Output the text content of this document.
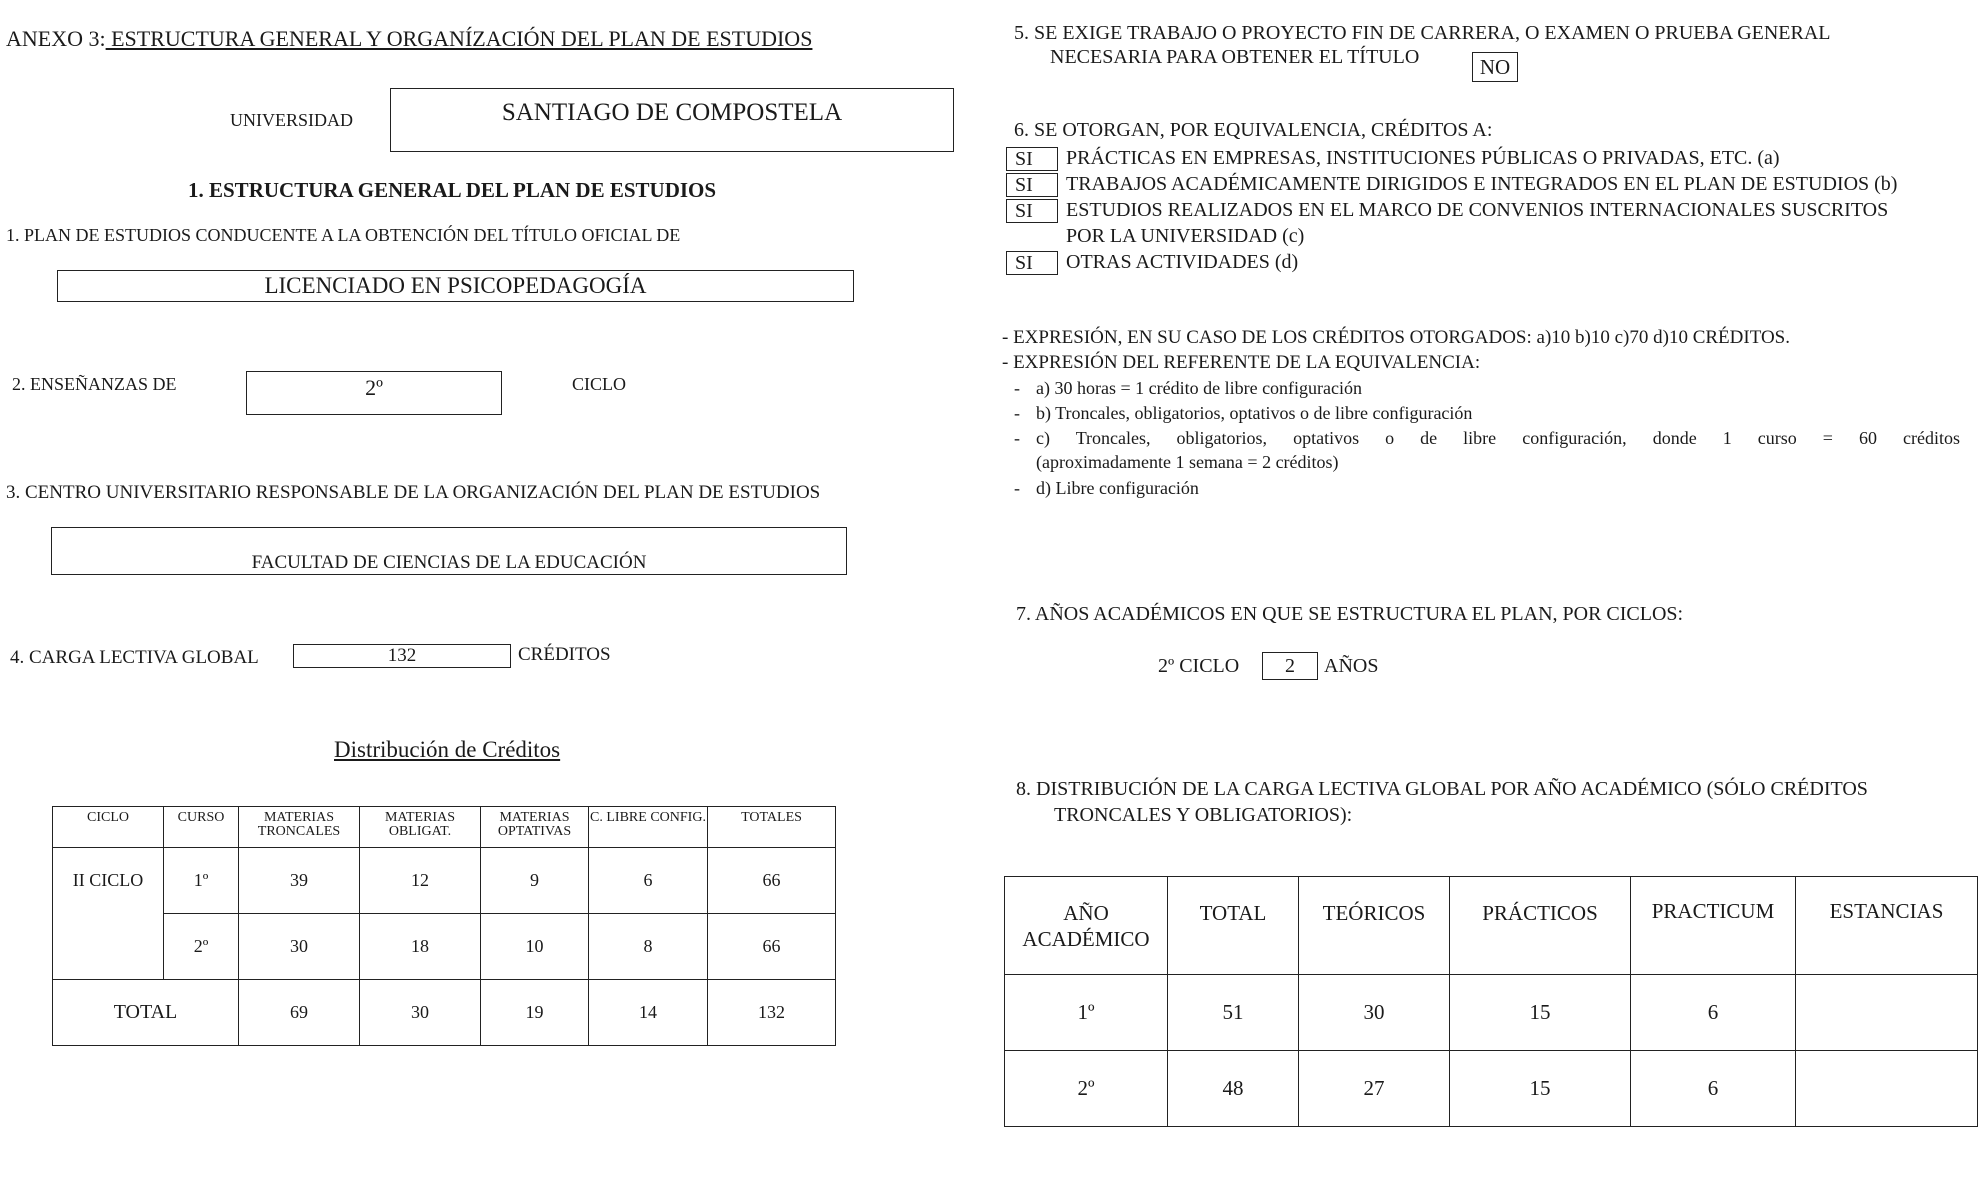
ANEXO 3: ESTRUCTURA GENERAL Y ORGANÍZACIÓN DEL PLAN DE ESTUDIOS
UNIVERSIDAD	SANTIAGO DE COMPOSTELA
1. ESTRUCTURA GENERAL DEL PLAN DE ESTUDIOS
1. PLAN DE ESTUDIOS CONDUCENTE A LA OBTENCIÓN DEL TÍTULO OFICIAL DE
LICENCIADO EN PSICOPEDAGOGÍA
2. ENSEÑANZAS DE	2º	CICLO
3. CENTRO UNIVERSITARIO RESPONSABLE DE LA ORGANIZACIÓN DEL PLAN DE ESTUDIOS
FACULTAD DE CIENCIAS DE LA EDUCACIÓN
4. CARGA LECTIVA GLOBAL	132	CRÉDITOS
Distribución de Créditos
CICLO	CURSO	MATERIAS TRONCALES	MATERIAS OBLIGAT.	MATERIAS OPTATIVAS	C. LIBRE CONFIG.	TOTALES
II CICLO	1º	39	12	9	6	66
	2º	30	18	10	8	66
TOTAL		69	30	19	14	132
5. SE EXIGE TRABAJO O PROYECTO FIN DE CARRERA, O EXAMEN O PRUEBA GENERAL
NECESARIA PARA OBTENER EL TÍTULO	NO
6. SE OTORGAN, POR EQUIVALENCIA, CRÉDITOS A:
SI	PRÁCTICAS EN EMPRESAS, INSTITUCIONES PÚBLICAS O PRIVADAS, ETC. (a)
SI	TRABAJOS ACADÉMICAMENTE DIRIGIDOS E INTEGRADOS EN EL PLAN DE ESTUDIOS (b)
SI	ESTUDIOS REALIZADOS EN EL MARCO DE CONVENIOS INTERNACIONALES SUSCRITOS
POR LA UNIVERSIDAD (c)
SI	OTRAS ACTIVIDADES (d)
- EXPRESIÓN, EN SU CASO DE LOS CRÉDITOS OTORGADOS: a)10 b)10 c)70 d)10 CRÉDITOS.
- EXPRESIÓN DEL REFERENTE DE LA EQUIVALENCIA:
- a) 30 horas = 1 crédito de libre configuración
- b) Troncales, obligatorios, optativos o de libre configuración
- c) Troncales, obligatorios, optativos o de libre configuración, donde 1 curso = 60 créditos
(aproximadamente 1 semana = 2 créditos)
- d) Libre configuración
7. AÑOS ACADÉMICOS EN QUE SE ESTRUCTURA EL PLAN, POR CICLOS:
2º CICLO	2	AÑOS
8. DISTRIBUCIÓN DE LA CARGA LECTIVA GLOBAL POR AÑO ACADÉMICO (SÓLO CRÉDITOS
TRONCALES Y OBLIGATORIOS):
AÑO ACADÉMICO	TOTAL	TEÓRICOS	PRÁCTICOS	PRACTICUM	ESTANCIAS
1º	51	30	15	6	
2º	48	27	15	6	
